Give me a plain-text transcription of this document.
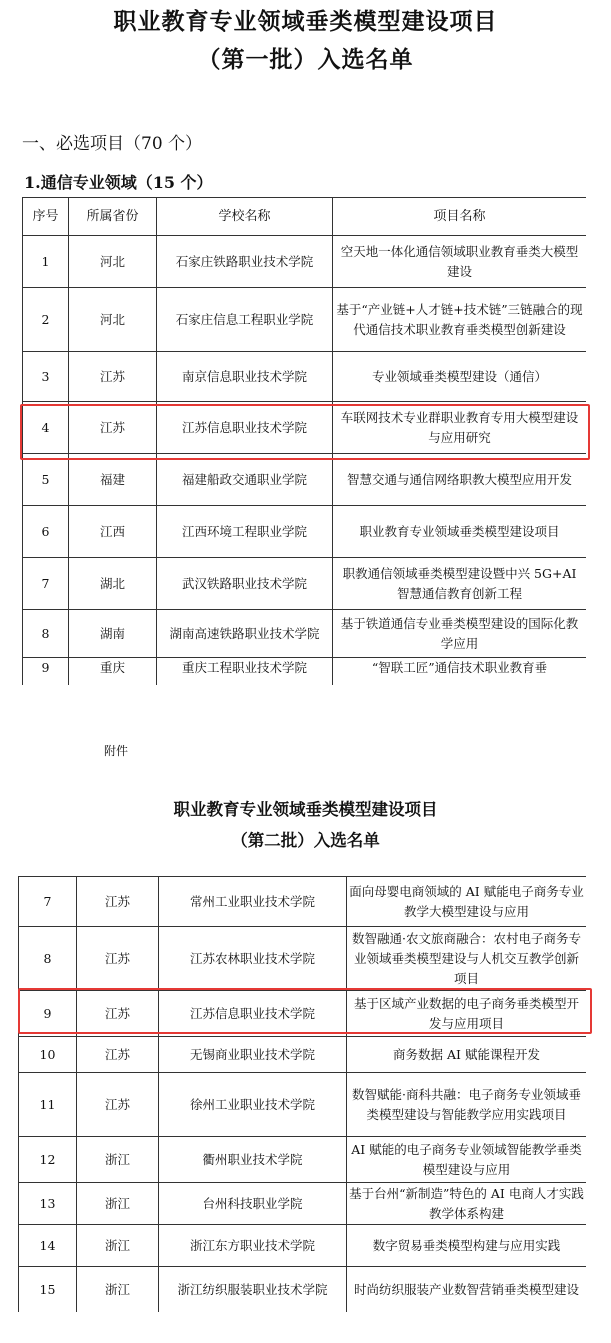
职业教育专业领域垂类模型建设项目
（第一批）入选名单
一、必选项目（70 个）
1.通信专业领域（15 个）
序号	所属省份	学校名称	项目名称
1	河北	石家庄铁路职业技术学院	空天地一体化通信领域职业教育垂类大模型建设
2	河北	石家庄信息工程职业学院	基于“产业链+人才链+技术链”三链融合的现代通信技术职业教育垂类模型创新建设
3	江苏	南京信息职业技术学院	专业领域垂类模型建设（通信）
4	江苏	江苏信息职业技术学院	车联网技术专业群职业教育专用大模型建设与应用研究
5	福建	福建船政交通职业学院	智慧交通与通信网络职教大模型应用开发
6	江西	江西环境工程职业学院	职业教育专业领域垂类模型建设项目
7	湖北	武汉铁路职业技术学院	职教通信领域垂类模型建设暨中兴 5G+AI 智慧通信教育创新工程
8	湖南	湖南高速铁路职业技术学院	基于铁道通信专业垂类模型建设的国际化教学应用
9	重庆	重庆工程职业技术学院	“智联工匠”通信技术职业教育垂
附件
职业教育专业领域垂类模型建设项目
（第二批）入选名单
7	江苏	常州工业职业技术学院	面向母婴电商领域的 AI 赋能电子商务专业教学大模型建设与应用
8	江苏	江苏农林职业技术学院	数智融通·农文旅商融合：农村电子商务专业领域垂类模型建设与人机交互教学创新项目
9	江苏	江苏信息职业技术学院	基于区域产业数据的电子商务垂类模型开发与应用项目
10	江苏	无锡商业职业技术学院	商务数据 AI 赋能课程开发
11	江苏	徐州工业职业技术学院	数智赋能·商科共融：电子商务专业领域垂类模型建设与智能教学应用实践项目
12	浙江	衢州职业技术学院	AI 赋能的电子商务专业领域智能教学垂类模型建设与应用
13	浙江	台州科技职业学院	基于台州“新制造”特色的 AI 电商人才实践教学体系构建
14	浙江	浙江东方职业技术学院	数字贸易垂类模型构建与应用实践
15	浙江	浙江纺织服装职业技术学院	时尚纺织服装产业数智营销垂类模型建设
